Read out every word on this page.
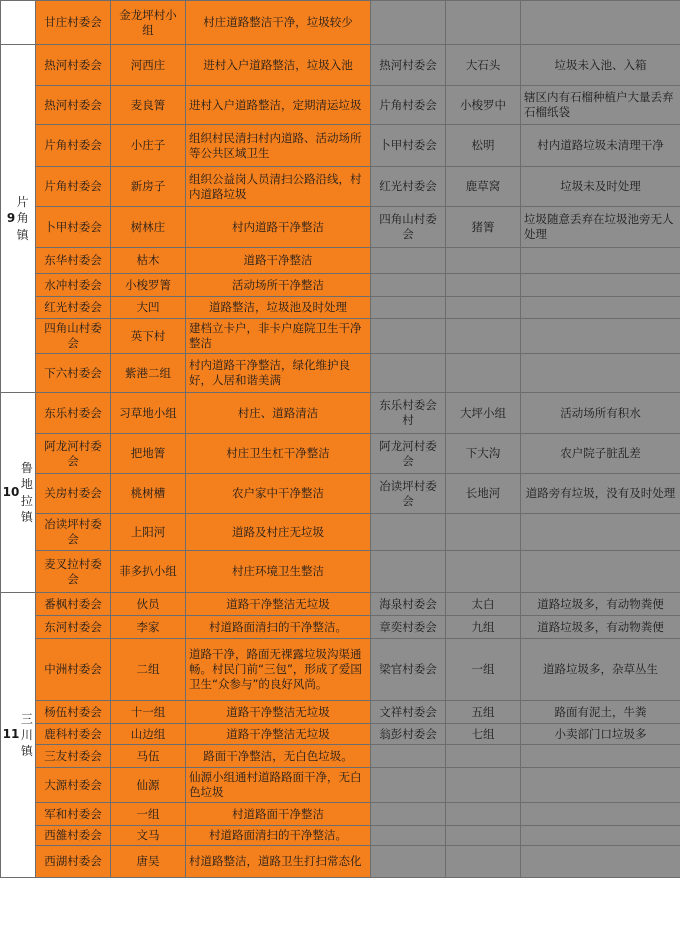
	甘庄村委会	金龙坪村小组	村庄道路整洁干净，垃圾较少			

9
片角镇	热河村委会	河西庄	进村入户道路整洁，垃圾入池	热河村委会	大石头	垃圾未入池、入箱
	热河村委会	麦良箐	进村入户道路整洁，定期清运垃圾	片角村委会	小梭罗中	辖区内有石榴种植户大量丢弃石榴纸袋
	片角村委会	小庄子	组织村民清扫村内道路、活动场所等公共区域卫生	卜甲村委会	松明	村内道路垃圾未清理干净
	片角村委会	新房子	组织公益岗人员清扫公路沿线，村内道路垃圾	红光村委会	鹿草窝	垃圾未及时处理
	卜甲村委会	树林庄	村内道路干净整洁	四角山村委会	猪箐	垃圾随意丢弃在垃圾池旁无人处理
	东华村委会	枯木	道路干净整洁			
	水冲村委会	小梭罗箐	活动场所干净整洁			
	红光村委会	大凹	道路整洁，垃圾池及时处理			
	四角山村委会	英下村	建档立卡户，非卡户庭院卫生干净整洁			
	下六村委会	紫港二组	村内道路干净整洁，绿化维护良好，人居和谐美满			

10
鲁地拉镇	东乐村委会	习草地小组	村庄、道路清洁	东乐村委会村	大坪小组	活动场所有积水
	阿龙河村委会	把地箐	村庄卫生杠干净整洁	阿龙河村委会	下大沟	农户院子脏乱差
	关房村委会	桃树槽	农户家中干净整洁	冶读坪村委会	长地河	道路旁有垃圾，没有及时处理
	冶读坪村委会	上阳河	道路及村庄无垃圾			
	麦叉拉村委会	菲多扒小组	村庄环境卫生整洁			

11
三川镇	番枫村委会	伙员	道路干净整洁无垃圾	海泉村委会	太白	道路垃圾多，有动物粪便
	东河村委会	李家	村道路面清扫的干净整洁。	章奕村委会	九组	道路垃圾多，有动物粪便
	中洲村委会	二组	道路干净，路面无裸露垃圾沟渠通畅。村民门前“三包”，形成了爱国卫生“众参与”的良好风尚。	梁官村委会	一组	道路垃圾多，杂草丛生
	杨伍村委会	十一组	道路干净整洁无垃圾	文祥村委会	五组	路面有泥土，牛粪
	鹿科村委会	山边组	道路干净整洁无垃圾	翁彭村委会	七组	小卖部门口垃圾多
	三友村委会	马伍	路面干净整洁，无白色垃圾。			
	大源村委会	仙源	仙源小组通村道路路面干净，无白色垃圾			
	军和村委会	一组	村道路面干净整洁			
	西雒村委会	文马	村道路面清扫的干净整洁。			
	西湖村委会	唐吴	村道路整洁，道路卫生打扫常态化			
